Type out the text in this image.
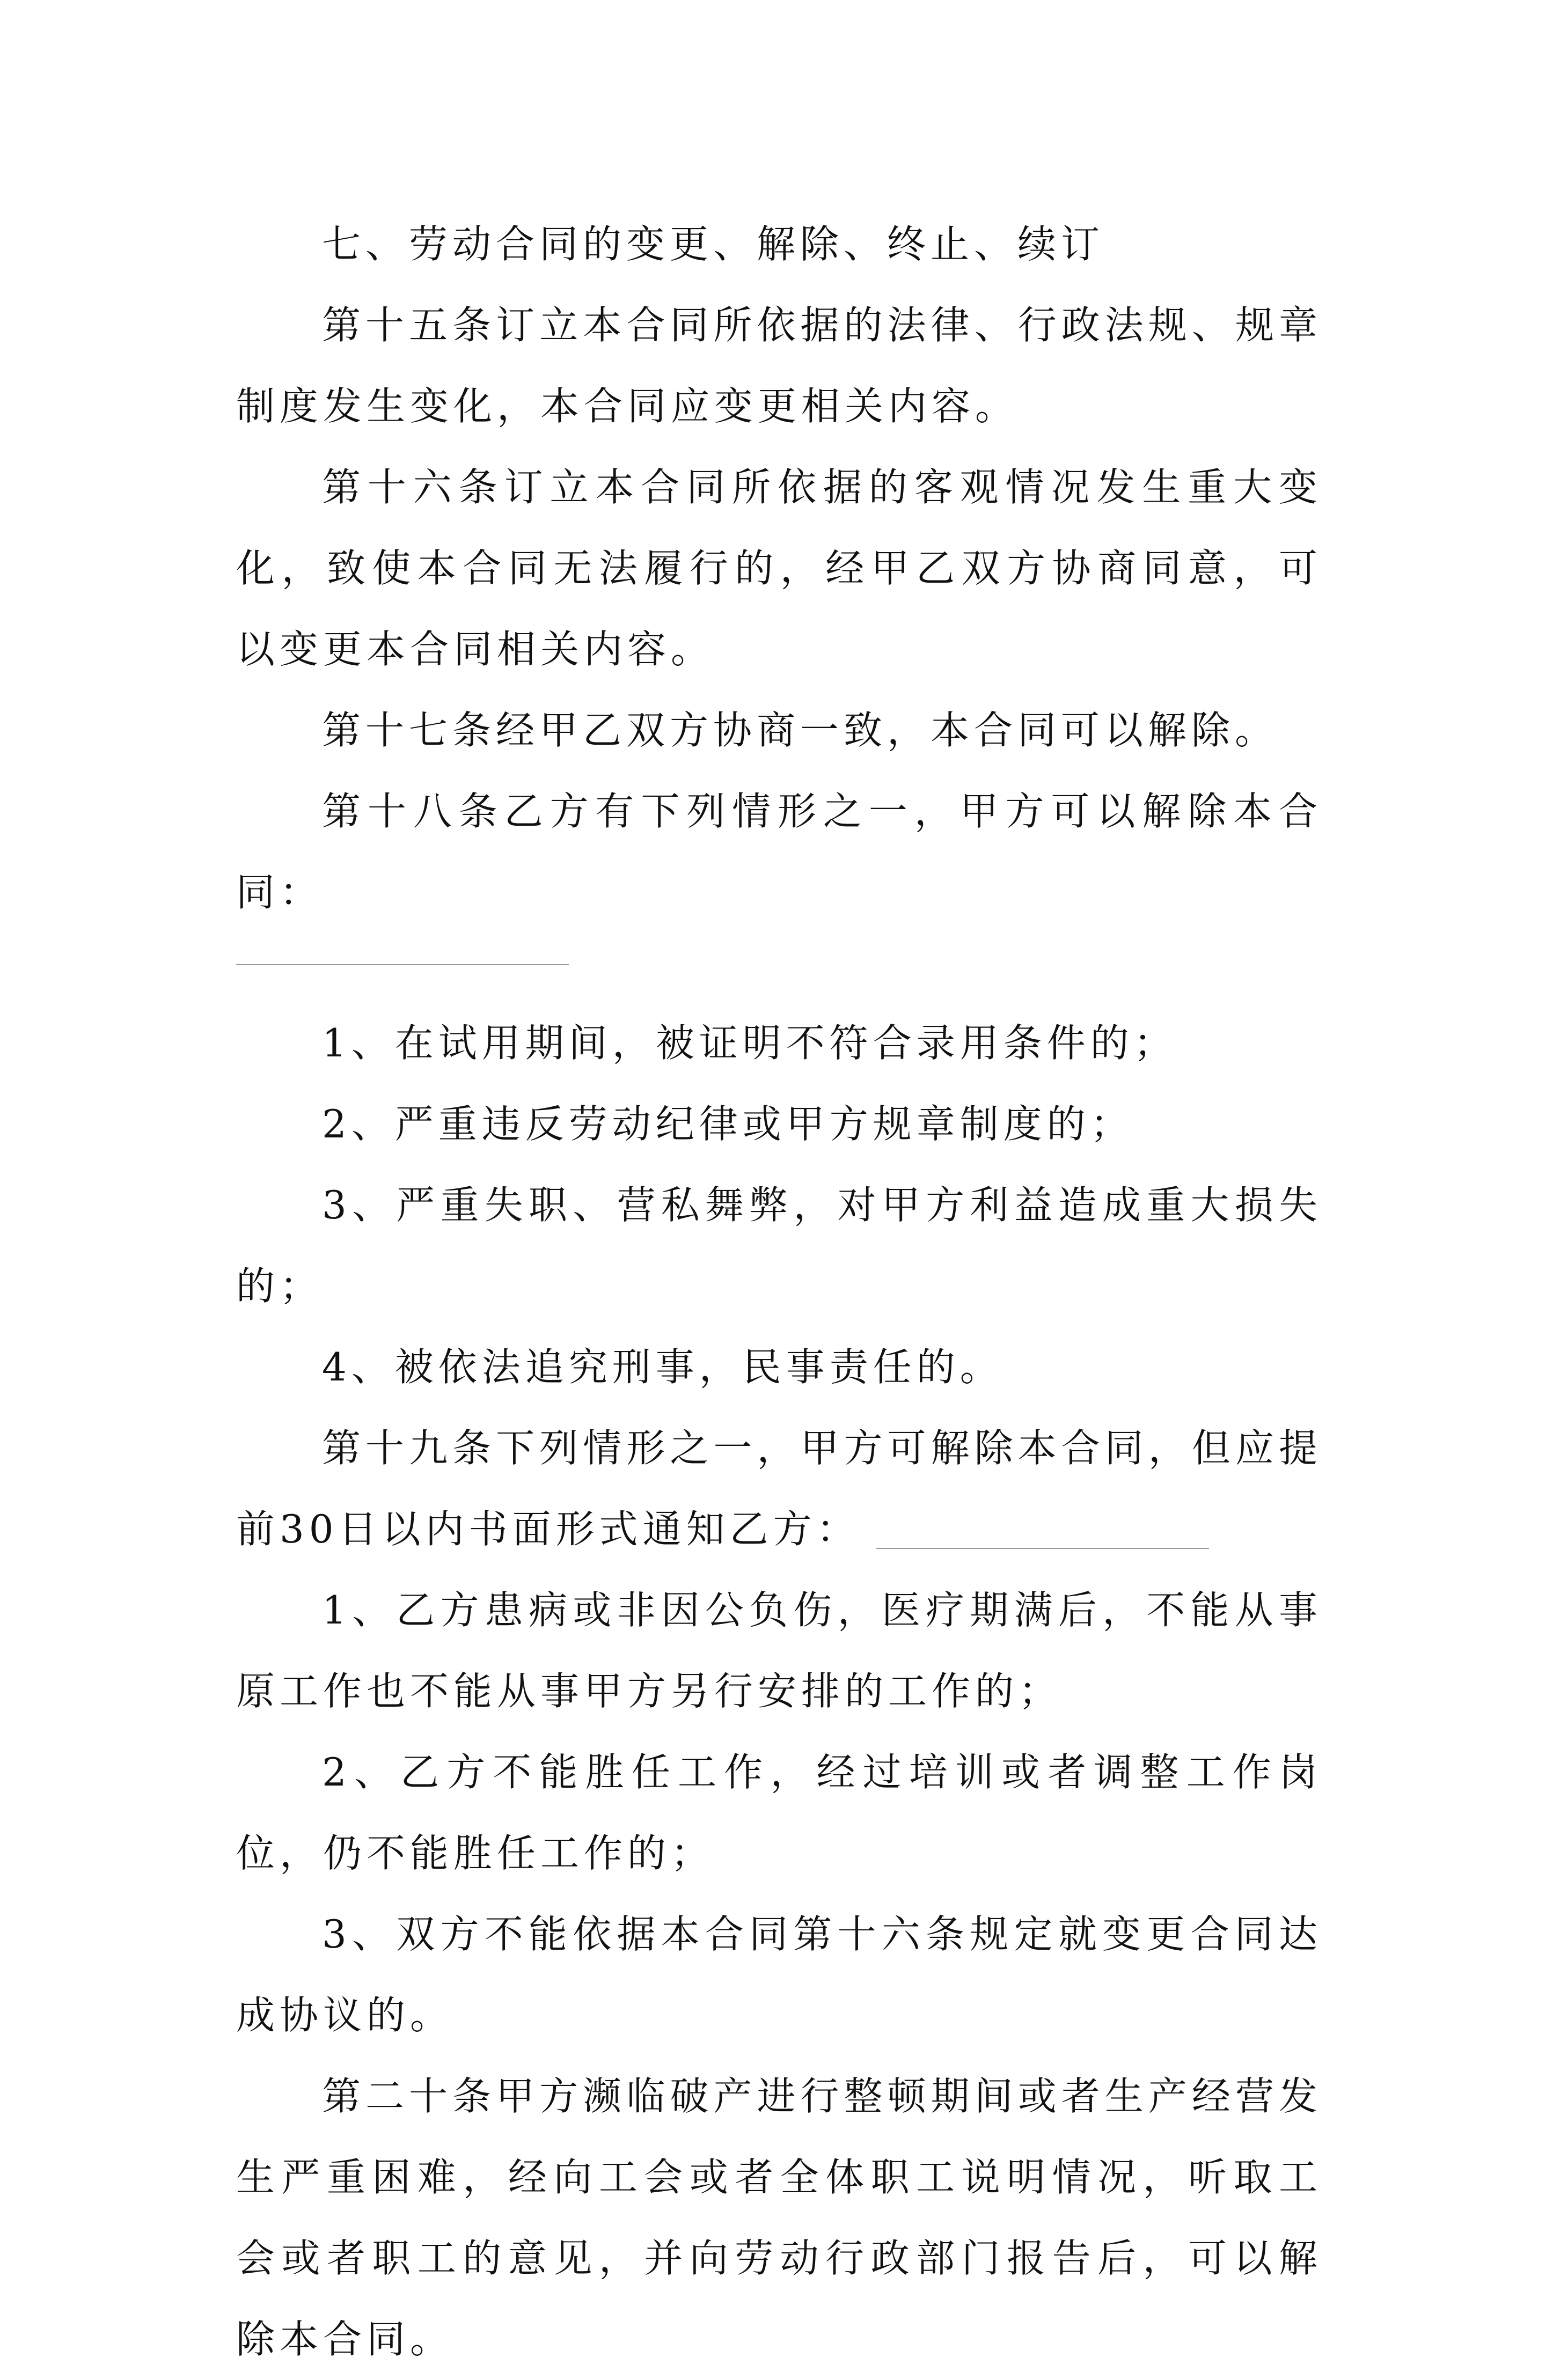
七、劳动合同的变更、解除、终止、续订

第十五条订立本合同所依据的法律、行政法规、规章制度发生变化，本合同应变更相关内容。

第十六条订立本合同所依据的客观情况发生重大变化，致使本合同无法履行的，经甲乙双方协商同意，可以变更本合同相关内容。

第十七条经甲乙双方协商一致，本合同可以解除。

第十八条乙方有下列情形之一，甲方可以解除本合同：

1、在试用期间，被证明不符合录用条件的；

2、严重违反劳动纪律或甲方规章制度的；

3、严重失职、营私舞弊，对甲方利益造成重大损失的；

4、被依法追究刑事，民事责任的。

第十九条下列情形之一，甲方可解除本合同，但应提前30日以内书面形式通知乙方：

1、乙方患病或非因公负伤，医疗期满后，不能从事原工作也不能从事甲方另行安排的工作的；

2、乙方不能胜任工作，经过培训或者调整工作岗位，仍不能胜任工作的；

3、双方不能依据本合同第十六条规定就变更合同达成协议的。

第二十条甲方濒临破产进行整顿期间或者生产经营发生严重困难，经向工会或者全体职工说明情况，听取工会或者职工的意见，并向劳动行政部门报告后，可以解除本合同。
